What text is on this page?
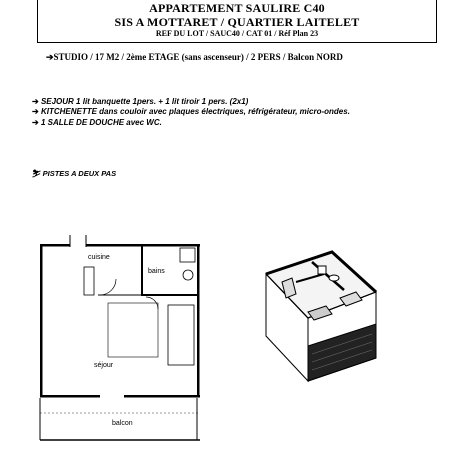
APPARTEMENT SAULIRE C40
SIS A MOTTARET / QUARTIER LAITELET
REF DU LOT / SAUC40 / CAT 01 / Réf Plan 23
➔STUDIO / 17 M2 / 2ème ETAGE (sans ascenseur) / 2 PERS / Balcon NORD

➔ SEJOUR 1 lit banquette 1pers. + 1 lit tiroir 1 pers. (2x1)

➔ KITCHENETTE dans couloir avec plaques électriques, réfrigérateur, micro-ondes.

➔ 1 SALLE DE DOUCHE avec WC.

⛷ PISTES A DEUX PAS
cuisine
bains
séjour
balcon
